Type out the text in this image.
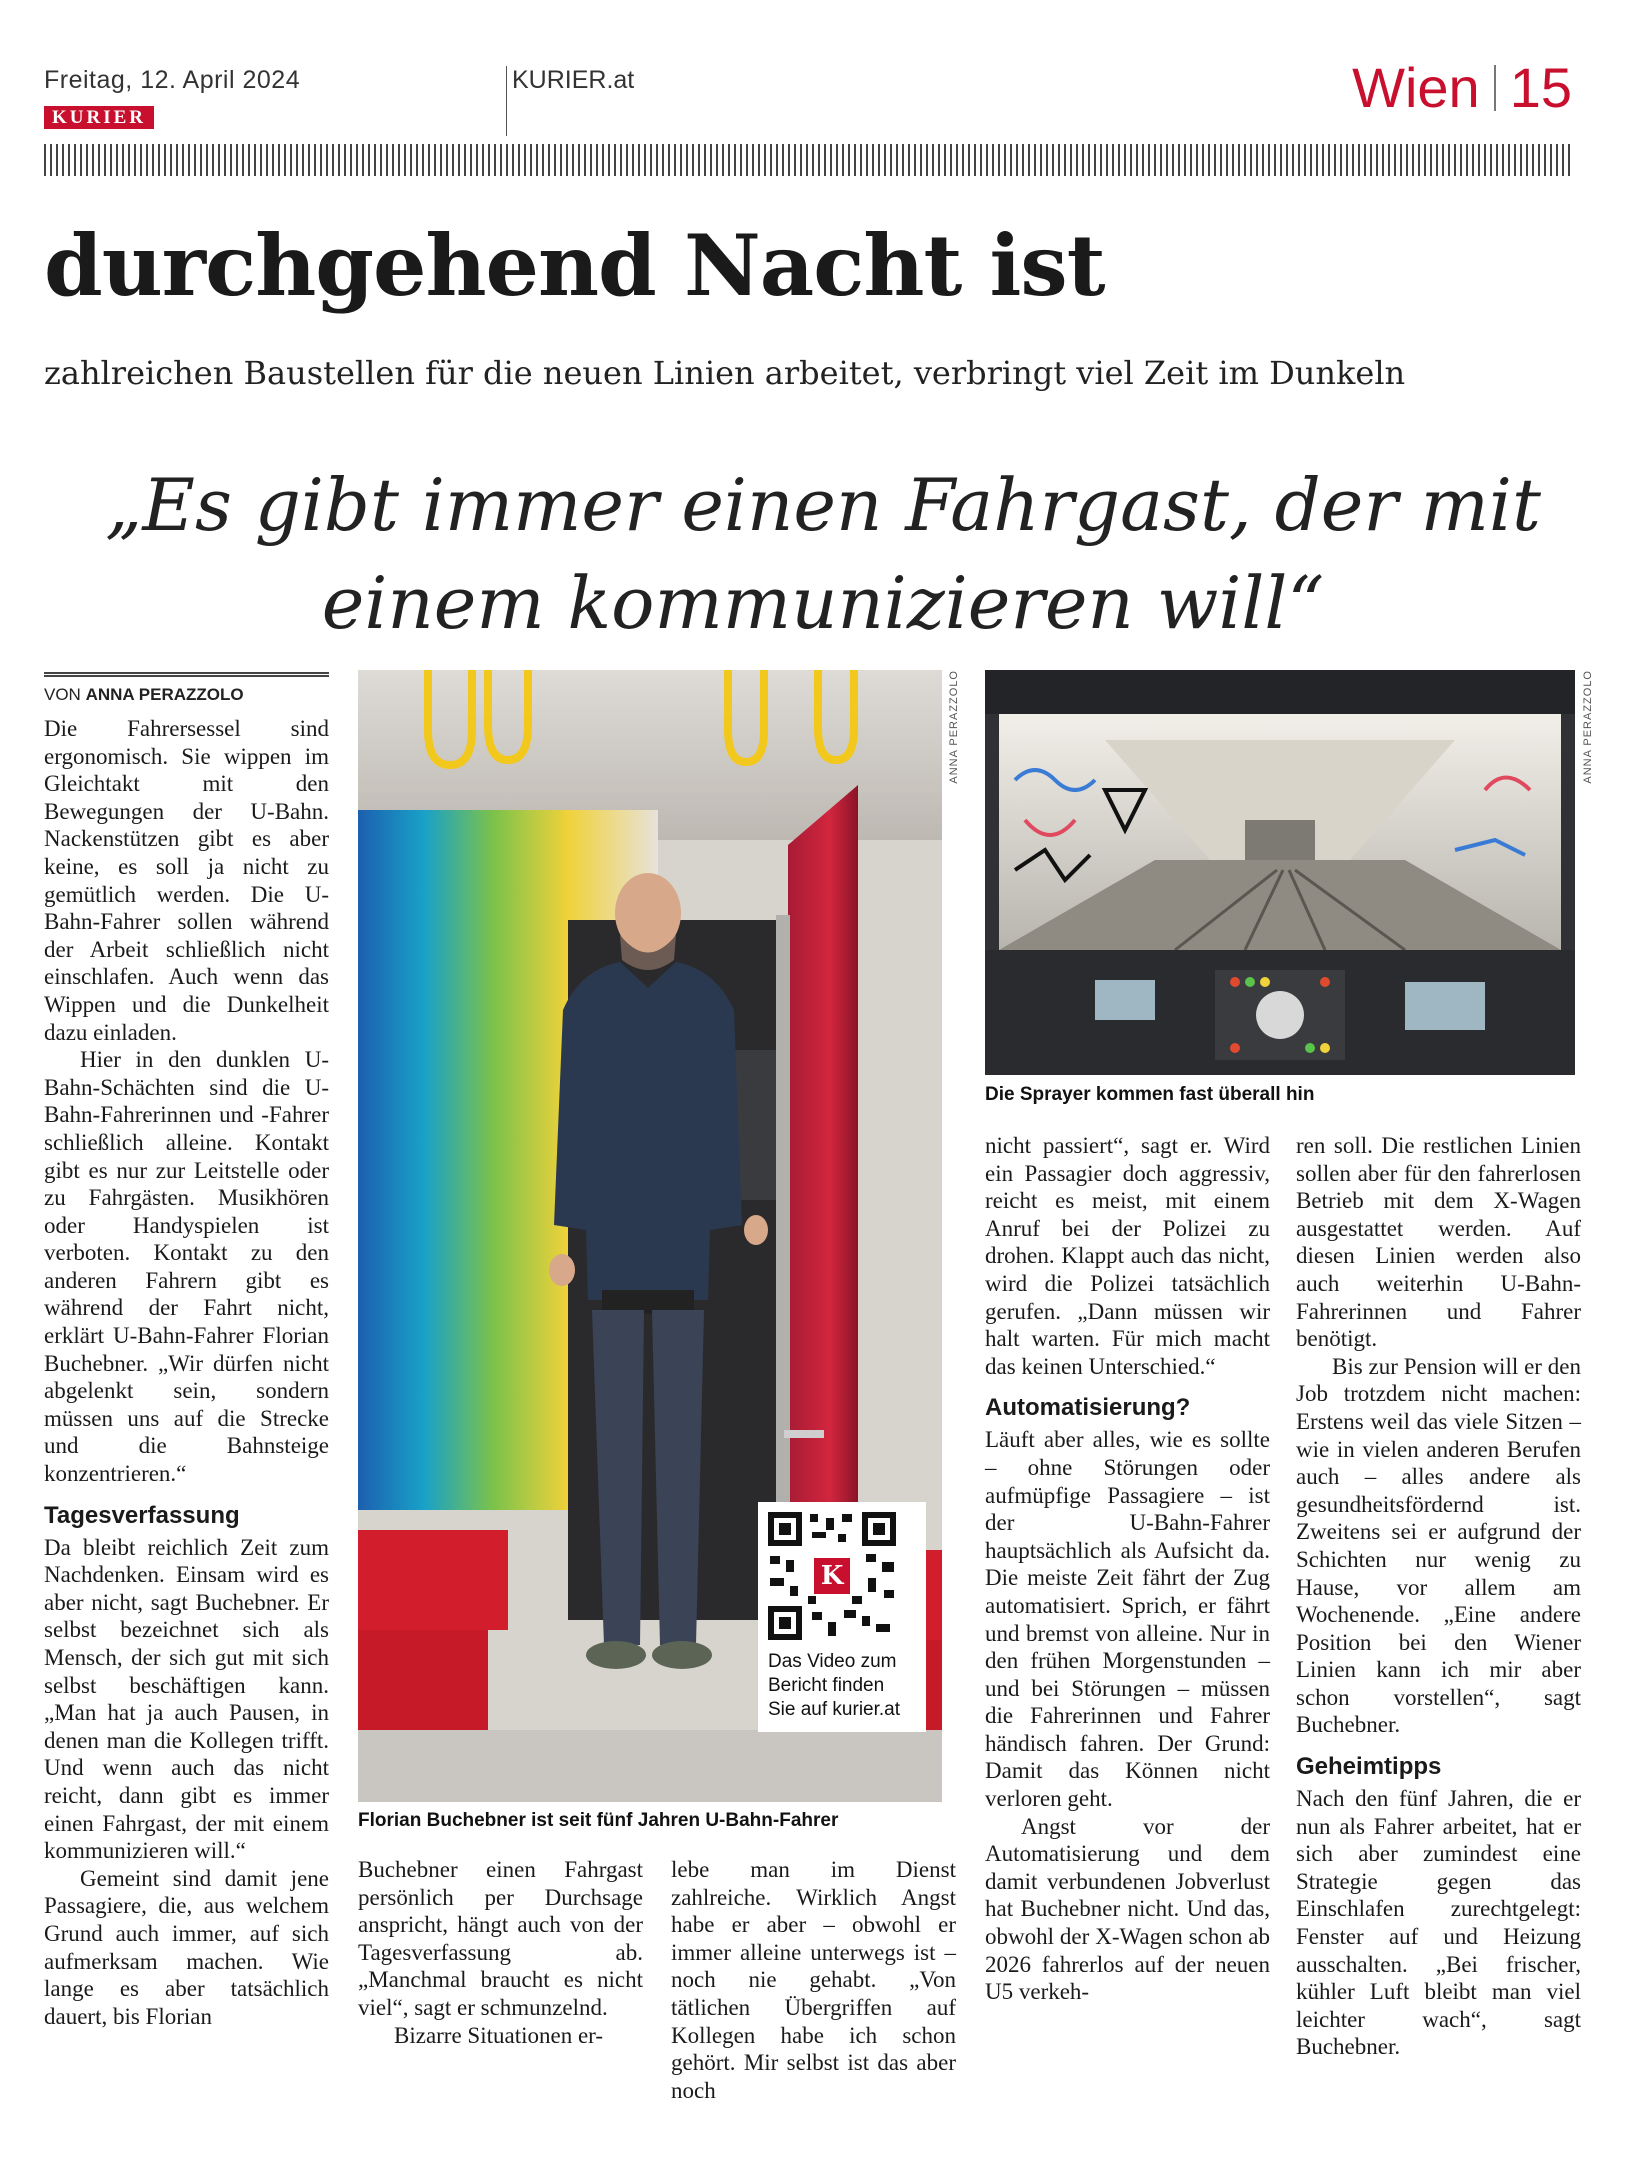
Freitag, 12. April 2024
KURIER
KURIER.at	Wien 15
durchgehend Nacht ist
zahlreichen Baustellen für die neuen Linien arbeitet, verbringt viel Zeit im Dunkeln
„Es gibt immer einen Fahrgast, der mit
einem kommunizieren will“
VON ANNA PERAZZOLO

Die Fahrersessel sind ergonomisch. Sie wippen im Gleichtakt mit den Bewegungen der U-Bahn. Nackenstützen gibt es aber keine, es soll ja nicht zu gemütlich werden. Die U-Bahn-Fahrer sollen während der Arbeit schließlich nicht einschlafen. Auch wenn das Wippen und die Dunkelheit dazu einladen.

Hier in den dunklen U-Bahn-Schächten sind die U-Bahn-Fahrerinnen und -Fahrer schließlich alleine. Kontakt gibt es nur zur Leitstelle oder zu Fahrgästen. Musikhören oder Handyspielen ist verboten. Kontakt zu den anderen Fahrern gibt es während der Fahrt nicht, erklärt U-Bahn-Fahrer Florian Buchebner. „Wir dürfen nicht abgelenkt sein, sondern müssen uns auf die Strecke und die Bahnsteige konzentrieren.“

Tagesverfassung

Da bleibt reichlich Zeit zum Nachdenken. Einsam wird es aber nicht, sagt Buchebner. Er selbst bezeichnet sich als Mensch, der sich gut mit sich selbst beschäftigen kann. „Man hat ja auch Pausen, in denen man die Kollegen trifft. Und wenn auch das nicht reicht, dann gibt es immer einen Fahrgast, der mit einem kommunizieren will.“

Gemeint sind damit jene Passagiere, die, aus welchem Grund auch immer, auf sich aufmerksam machen. Wie lange es aber tatsächlich dauert, bis Florian

K
Das Video zum Bericht finden Sie auf kurier.at
ANNA PERAZZOLO
Florian Buchebner ist seit fünf Jahren U-Bahn-Fahrer
ANNA PERAZZOLO
Die Sprayer kommen fast überall hin

Buchebner einen Fahrgast persönlich per Durchsage anspricht, hängt auch von der Tagesverfassung ab. „Manchmal braucht es nicht viel“, sagt er schmunzelnd.

Bizarre Situationen er-

lebe man im Dienst zahlreiche. Wirklich Angst habe er aber – obwohl er immer alleine unterwegs ist – noch nie gehabt. „Von tätlichen Übergriffen auf Kollegen habe ich schon gehört. Mir selbst ist das aber noch

nicht passiert“, sagt er. Wird ein Passagier doch aggressiv, reicht es meist, mit einem Anruf bei der Polizei zu drohen. Klappt auch das nicht, wird die Polizei tatsächlich gerufen. „Dann müssen wir halt warten. Für mich macht das keinen Unterschied.“

Automatisierung?

Läuft aber alles, wie es sollte – ohne Störungen oder aufmüpfige Passagiere – ist der U-Bahn-Fahrer hauptsächlich als Aufsicht da. Die meiste Zeit fährt der Zug automatisiert. Sprich, er fährt und bremst von alleine. Nur in den frühen Morgenstunden – und bei Störungen – müssen die Fahrerinnen und Fahrer händisch fahren. Der Grund: Damit das Können nicht verloren geht.

Angst vor der Automatisierung und dem damit verbundenen Jobverlust hat Buchebner nicht. Und das, obwohl der X-Wagen schon ab 2026 fahrerlos auf der neuen U5 verkeh-

ren soll. Die restlichen Linien sollen aber für den fahrerlosen Betrieb mit dem X-Wagen ausgestattet werden. Auf diesen Linien werden also auch weiterhin U-Bahn-Fahrerinnen und Fahrer benötigt.

Bis zur Pension will er den Job trotzdem nicht machen: Erstens weil das viele Sitzen – wie in vielen anderen Berufen auch – alles andere als gesundheitsfördernd ist. Zweitens sei er aufgrund der Schichten nur wenig zu Hause, vor allem am Wochenende. „Eine andere Position bei den Wiener Linien kann ich mir aber schon vorstellen“, sagt Buchebner.

Geheimtipps

Nach den fünf Jahren, die er nun als Fahrer arbeitet, hat er sich aber zumindest eine Strategie gegen das Einschlafen zurechtgelegt: Fenster auf und Heizung ausschalten. „Bei frischer, kühler Luft bleibt man viel leichter wach“, sagt Buchebner.
